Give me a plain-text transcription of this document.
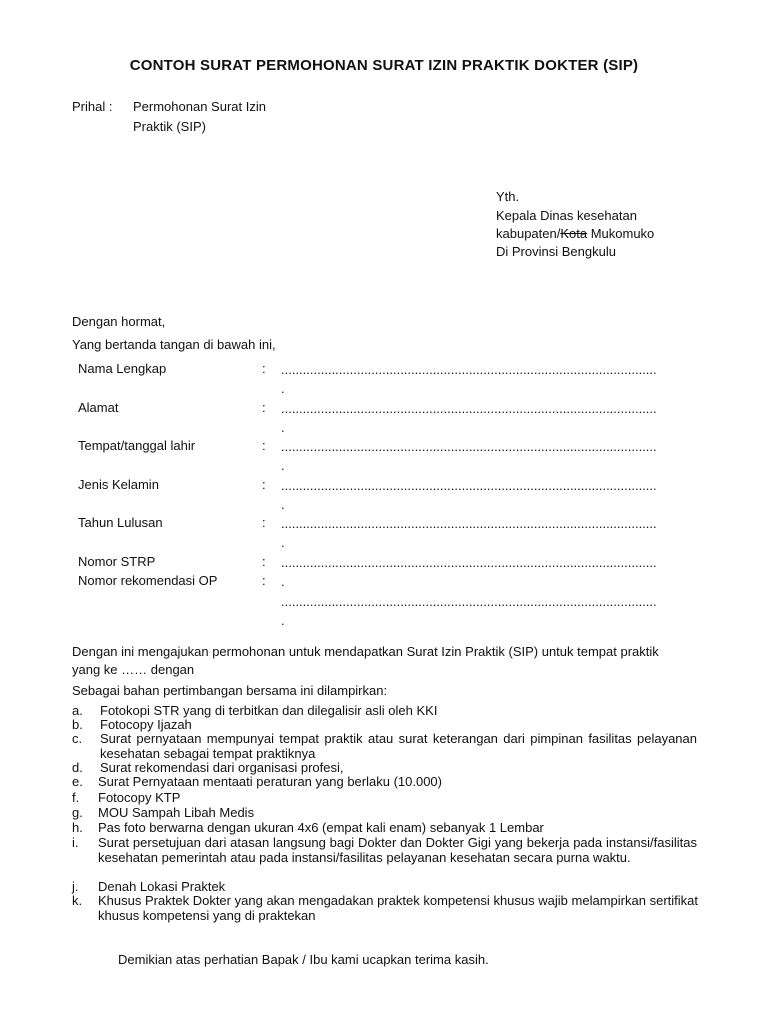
CONTOH SURAT PERMOHONAN SURAT IZIN PRAKTIK DOKTER (SIP)
Prihal : Permohonan Surat Izin
Praktik (SIP)
Yth.
Kepala Dinas kesehatan
kabupaten/Kota Mukomuko
Di Provinsi Bengkulu
Dengan hormat,
Yang bertanda tangan di bawah ini,
Nama Lengkap	: ........................................................................................................
.
Alamat	: ........................................................................................................
.
Tempat/tanggal lahir	: ........................................................................................................
.
Jenis Kelamin	: ........................................................................................................
.
Tahun Lulusan	: ........................................................................................................
.
Nomor STRP	: ........................................................................................................
Nomor rekomendasi OP	: .
........................................................................................................
.
Dengan ini mengajukan permohonan untuk mendapatkan Surat Izin Praktik (SIP) untuk tempat praktik
yang ke …… dengan
Sebagai bahan pertimbangan bersama ini dilampirkan:
a. Fotokopi STR yang di terbitkan dan dilegalisir asli oleh KKI
b. Fotocopy Ijazah
c. Surat pernyataan mempunyai tempat praktik atau surat keterangan dari pimpinan fasilitas pelayanan kesehatan sebagai tempat praktiknya
d. Surat rekomendasi dari organisasi profesi,
e. Surat Pernyataan mentaati peraturan yang berlaku (10.000)
f. Fotocopy KTP
g. MOU Sampah Libah Medis
h. Pas foto berwarna dengan ukuran 4x6 (empat kali enam) sebanyak 1 Lembar
i. Surat persetujuan dari atasan langsung bagi Dokter dan Dokter Gigi yang bekerja pada instansi/fasilitas kesehatan pemerintah atau pada instansi/fasilitas pelayanan kesehatan secara purna waktu.
j. Denah Lokasi Praktek
k. Khusus Praktek Dokter yang akan mengadakan praktek kompetensi khusus wajib melampirkan sertifikat khusus kompetensi yang di praktekan
Demikian atas perhatian Bapak / Ibu kami ucapkan terima kasih.
